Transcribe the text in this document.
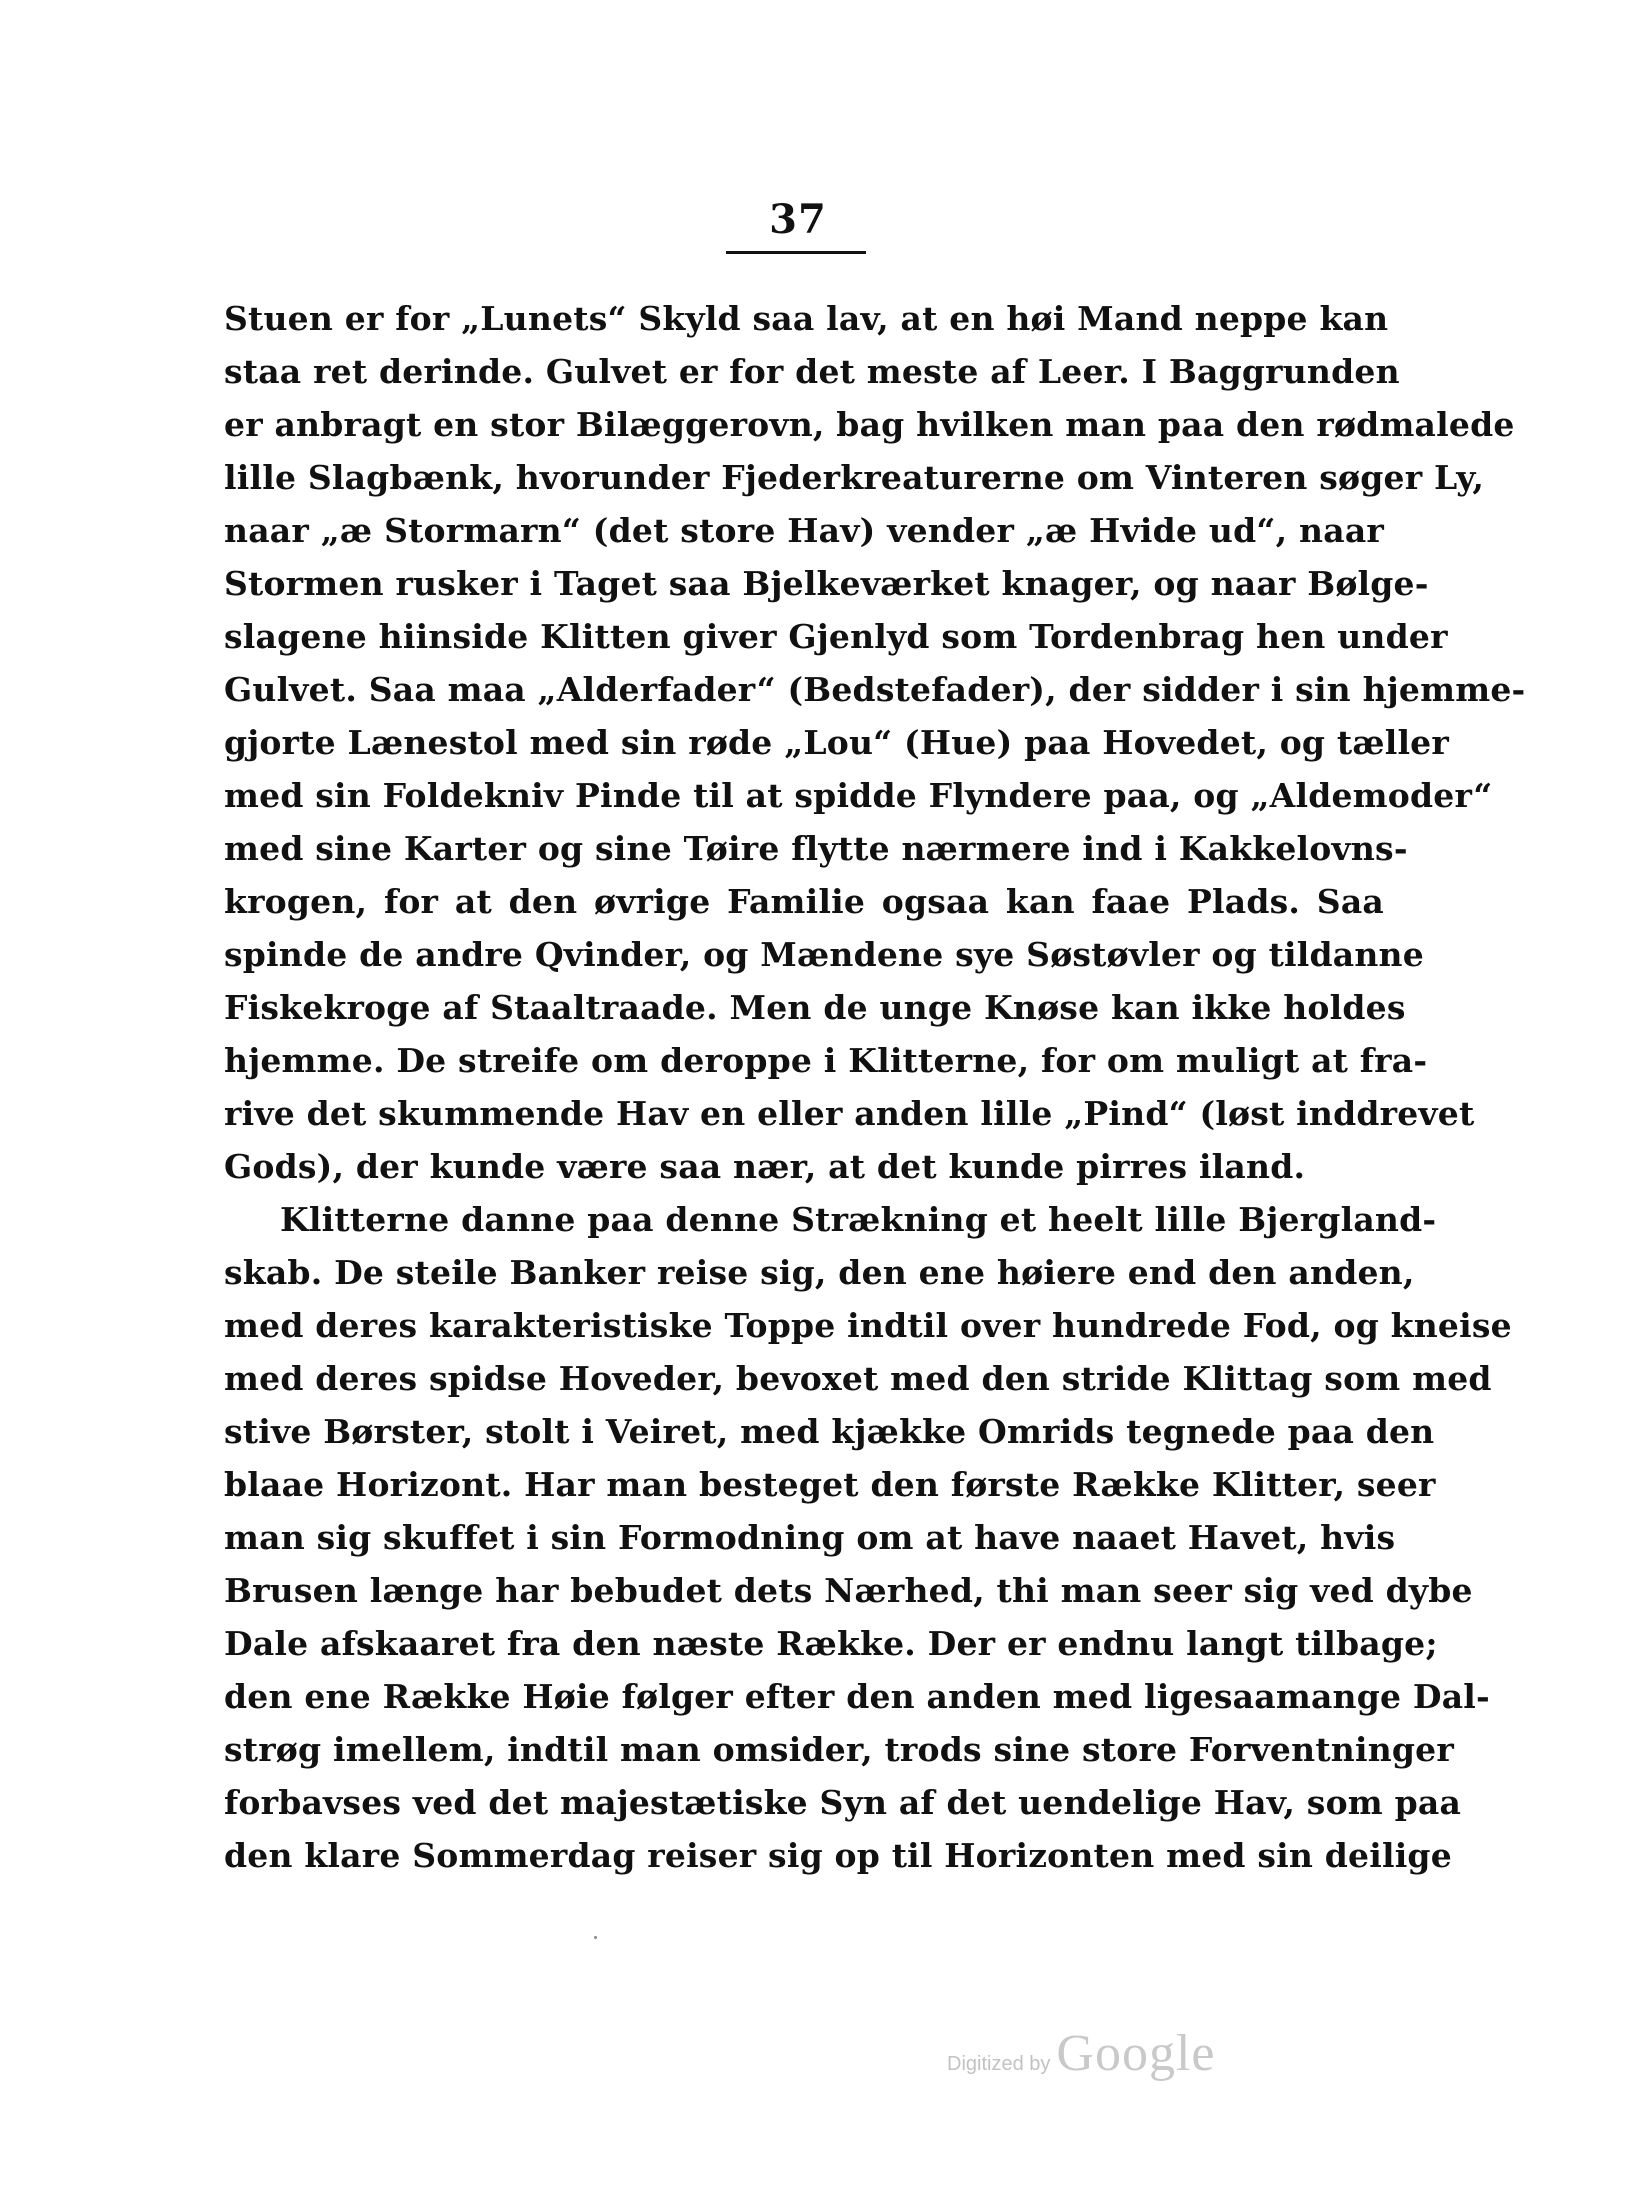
37
Stuen er for „Lunets“ Skyld saa lav, at en høi Mand neppe kan
staa ret derinde. Gulvet er for det meste af Leer. I Baggrunden
er anbragt en stor Bilæggerovn, bag hvilken man paa den rødmalede
lille Slagbænk, hvorunder Fjederkreaturerne om Vinteren søger Ly,
naar „æ Stormarn“ (det store Hav) vender „æ Hvide ud“, naar
Stormen rusker i Taget saa Bjelkeværket knager, og naar Bølge-
slagene hiinside Klitten giver Gjenlyd som Tordenbrag hen under
Gulvet. Saa maa „Alderfader“ (Bedstefader), der sidder i sin hjemme-
gjorte Lænestol med sin røde „Lou“ (Hue) paa Hovedet, og tæller
med sin Foldekniv Pinde til at spidde Flyndere paa, og „Aldemoder“
med sine Karter og sine Tøire flytte nærmere ind i Kakkelovns-
krogen, for at den øvrige Familie ogsaa kan faae Plads. Saa
spinde de andre Qvinder, og Mændene sye Søstøvler og tildanne
Fiskekroge af Staaltraade. Men de unge Knøse kan ikke holdes
hjemme. De streife om deroppe i Klitterne, for om muligt at fra-
rive det skummende Hav en eller anden lille „Pind“ (løst inddrevet
Gods), der kunde være saa nær, at det kunde pirres iland.
Klitterne danne paa denne Strækning et heelt lille Bjergland-
skab. De steile Banker reise sig, den ene høiere end den anden,
med deres karakteristiske Toppe indtil over hundrede Fod, og kneise
med deres spidse Hoveder, bevoxet med den stride Klittag som med
stive Børster, stolt i Veiret, med kjække Omrids tegnede paa den
blaae Horizont. Har man besteget den første Række Klitter, seer
man sig skuffet i sin Formodning om at have naaet Havet, hvis
Brusen længe har bebudet dets Nærhed, thi man seer sig ved dybe
Dale afskaaret fra den næste Række. Der er endnu langt tilbage;
den ene Række Høie følger efter den anden med ligesaamange Dal-
strøg imellem, indtil man omsider, trods sine store Forventninger
forbavses ved det majestætiske Syn af det uendelige Hav, som paa
den klare Sommerdag reiser sig op til Horizonten med sin deilige
Digitized by Google
